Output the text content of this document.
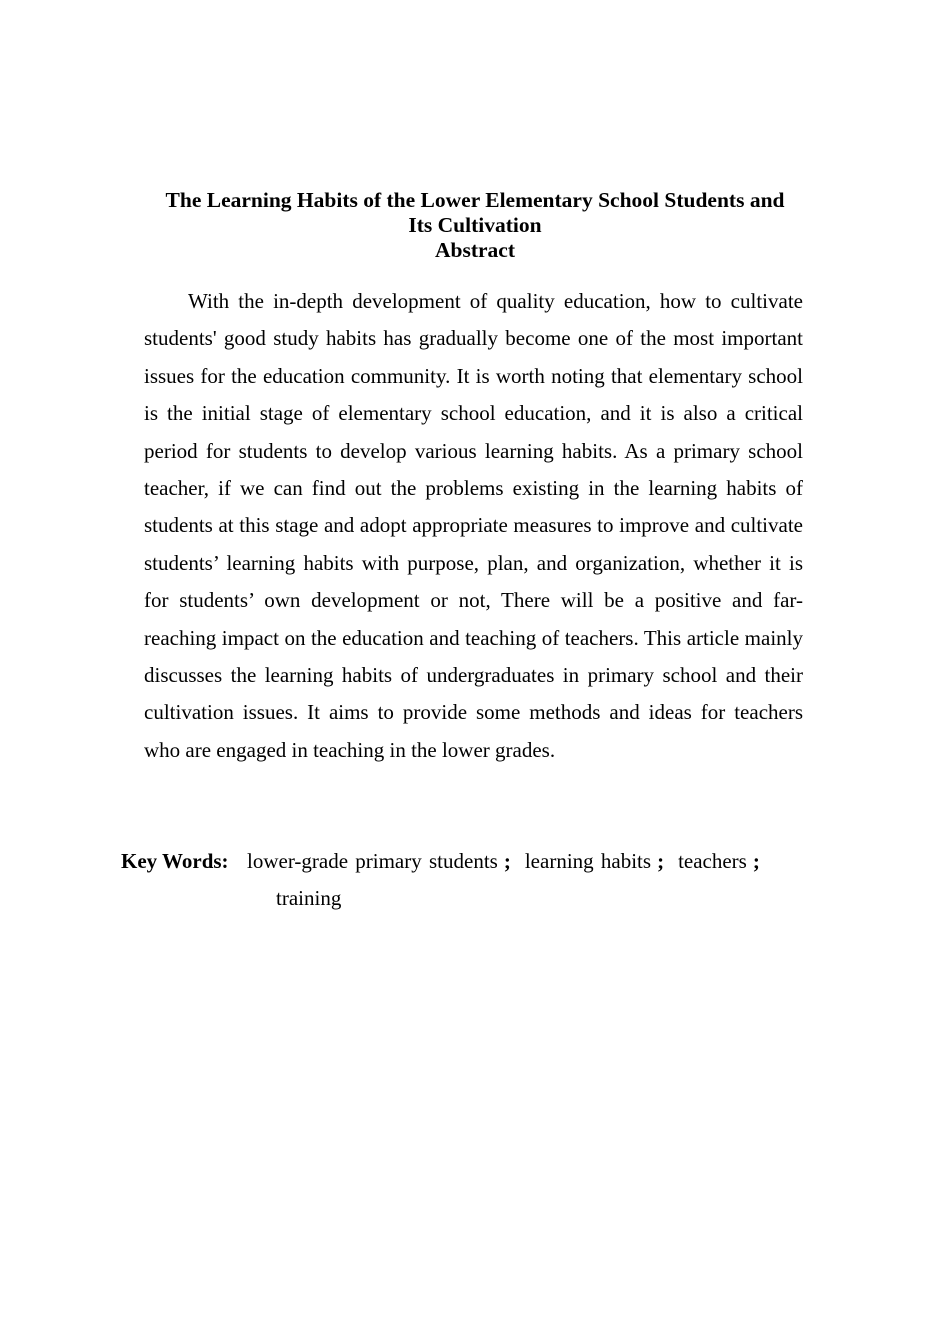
The Learning Habits of the Lower Elementary School Students and
Its Cultivation
Abstract

With the in-depth development of quality education, how to cultivate students' good study habits has gradually become one of the most important issues for the education community. It is worth noting that elementary school is the initial stage of elementary school education, and it is also a critical period for students to develop various learning habits. As a primary school teacher, if we can find out the problems existing in the learning habits of students at this stage and adopt appropriate measures to improve and cultivate students’ learning habits with purpose, plan, and organization, whether it is for students’ own development or not, There will be a positive and far-reaching impact on the education and teaching of teachers. This article mainly discusses the learning habits of undergraduates in primary school and their cultivation issues. It aims to provide some methods and ideas for teachers who are engaged in teaching in the lower grades.

Key Words: lower-grade primary students ; learning habits ; teachers ;
training
